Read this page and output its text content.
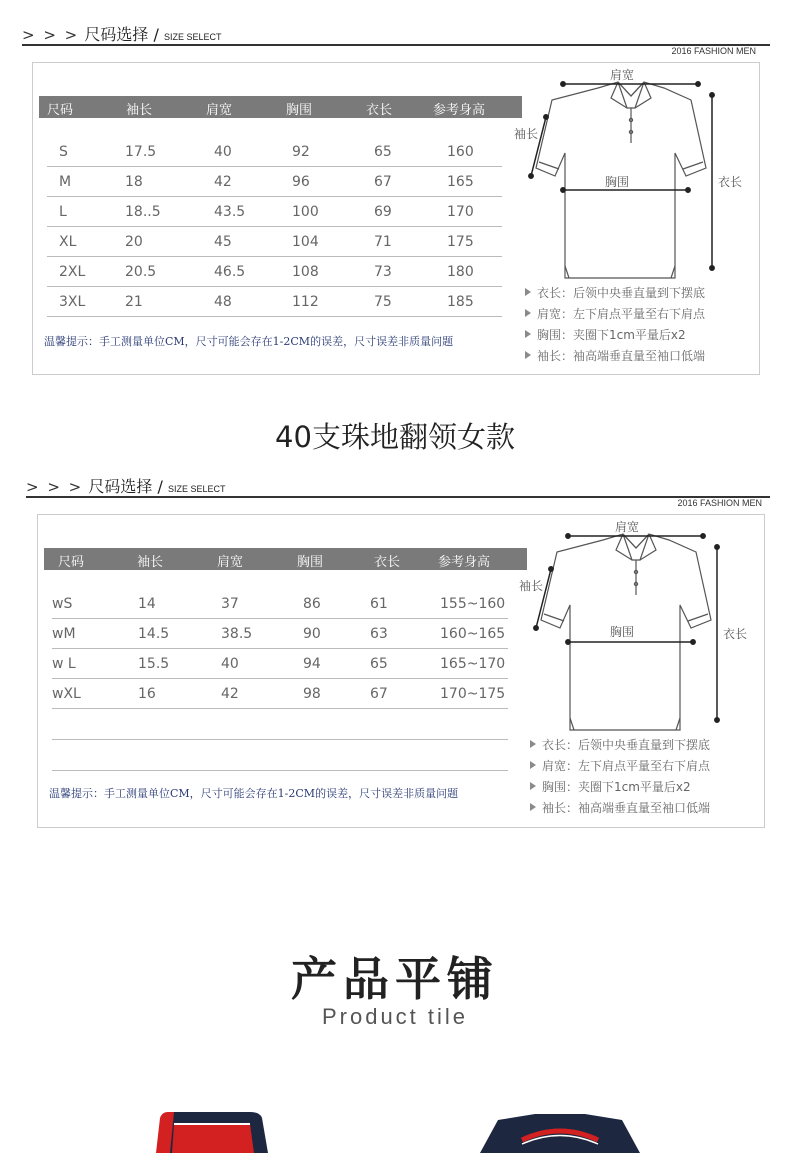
> > > 尺码选择 / SIZE SELECT
2016 FASHION MEN
尺码	袖长	肩宽	胸围	衣长	参考身高
S	17.5	40	92	65	160
M	18	42	96	67	165
L	18..5	43.5	100	69	170
XL	20	45	104	71	175
2XL	20.5	46.5	108	73	180
3XL	21	48	112	75	185
温馨提示：手工测量单位CM，尺寸可能会存在1-2CM的误差，尺寸误差非质量问题
肩宽
袖长
胸围	衣长
衣长：后领中央垂直量到下摆底
肩宽：左下肩点平量至右下肩点
胸围：夹圈下1cm平量后x2
袖长：袖高端垂直量至袖口低端
40支珠地翻领女款
> > > 尺码选择 / SIZE SELECT
2016 FASHION MEN
尺码	袖长	肩宽	胸围	衣长	参考身高
wS	14	37	86	61	155~160
wM	14.5	38.5	90	63	160~165
w L	15.5	40	94	65	165~170
wXL	16	42	98	67	170~175
温馨提示：手工测量单位CM，尺寸可能会存在1-2CM的误差，尺寸误差非质量问题
肩宽
袖长
胸围	衣长
衣长：后领中央垂直量到下摆底
肩宽：左下肩点平量至右下肩点
胸围：夹圈下1cm平量后x2
袖长：袖高端垂直量至袖口低端
产品平铺
Product tile
